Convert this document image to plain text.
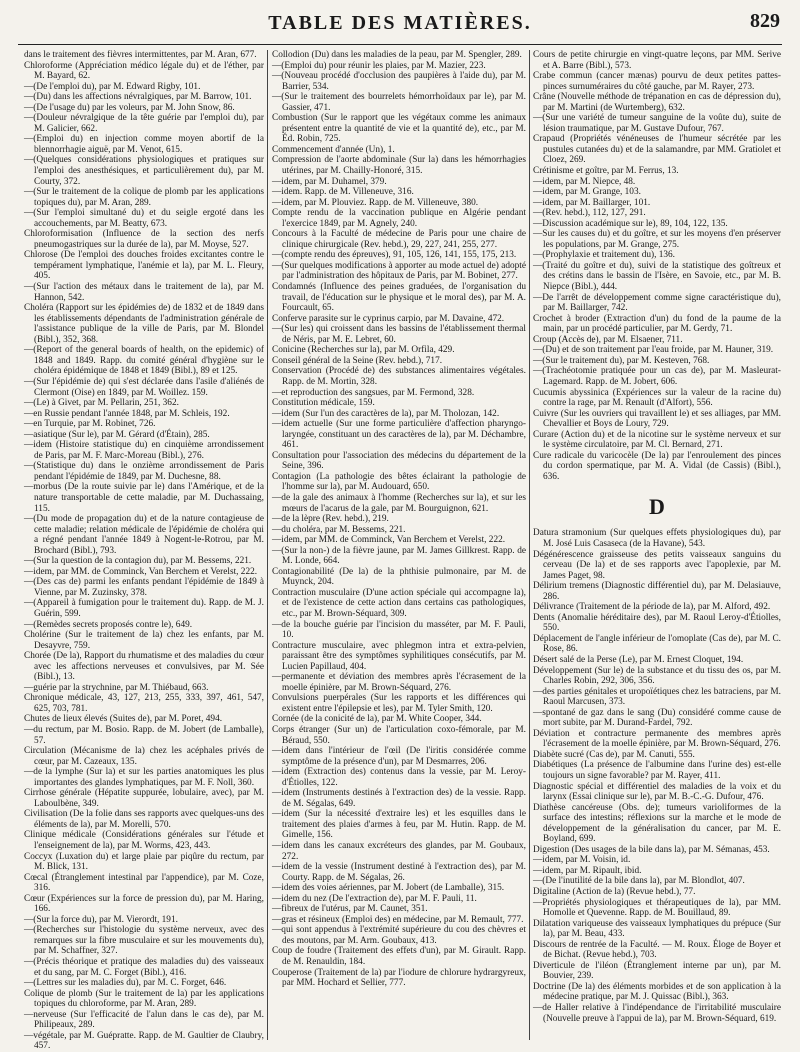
TABLE DES MATIÈRES.	829

dans le traitement des fièvres intermittentes, par M. Aran, 677.

Chloroforme (Appréciation médico légale du) et de l'éther, par M. Bayard, 62.

—(De l'emploi du), par M. Edward Rigby, 101.

—(Du) dans les affections névralgiques, par M. Barrow, 101.

—(De l'usage du) par les voleurs, par M. John Snow, 86.

—(Douleur névralgique de la tête guérie par l'emploi du), par M. Galicier, 662.

—(Emploi du) en injection comme moyen abortif de la blennorrhagie aiguë, par M. Venot, 615.

—(Quelques considérations physiologiques et pratiques sur l'emploi des anesthésiques, et particulièrement du), par M. Courty, 372.

—(Sur le traitement de la colique de plomb par les applications topiques du), par M. Aran, 289.

—(Sur l'emploi simultané du) et du seigle ergoté dans les accouchements, par M. Beatty, 673.

Chloroformisation (Influence de la section des nerfs pneumogastriques sur la durée de la), par M. Moyse, 527.

Chlorose (De l'emploi des douches froides excitantes contre le tempérament lymphatique, l'anémie et la), par M. L. Fleury, 405.

—(Sur l'action des métaux dans le traitement de la), par M. Hannon, 542.

Choléra (Rapport sur les épidémies de) de 1832 et de 1849 dans les établissements dépendants de l'administration générale de l'assistance publique de la ville de Paris, par M. Blondel (Bibl.), 352, 368.

—(Report of the general boards of health, on the epidemic) of 1848 and 1849. Rapp. du comité général d'hygiène sur le choléra épidémique de 1848 et 1849 (Bibl.), 89 et 125.

—(Sur l'épidémie de) qui s'est déclarée dans l'asile d'aliénés de Clermont (Oise) en 1849, par M. Woillez. 159.

—(Le) à Givet, par M. Pellarin, 251, 362.

—en Russie pendant l'année 1848, par M. Schleis, 192.

—en Turquie, par M. Robinet, 726.

—asiatique (Sur le), par M. Gérard (d'Étain), 285.

—idem (Histoire statistique du) en cinquième arrondissement de Paris, par M. F. Marc-Moreau (Bibl.), 276.

—(Statistique du) dans le onzième arrondissement de Paris pendant l'épidémie de 1849, par M. Duchesne, 88.

—morbus (De la route suivie par le) dans l'Amérique, et de la nature transportable de cette maladie, par M. Duchassaing, 115.

—(Du mode de propagation du) et de la nature contagieuse de cette maladie; relation médicale de l'épidémie de choléra qui a régné pendant l'année 1849 à Nogent-le-Rotrou, par M. Brochard (Bibl.), 793.

—(Sur la question de la contagion du), par M. Bessems, 221.

—idem, par MM. de Comminck, Van Berchem et Verelst, 222.

—(Des cas de) parmi les enfants pendant l'épidémie de 1849 à Vienne, par M. Zuzinsky, 378.

—(Appareil à fumigation pour le traitement du). Rapp. de M. J. Guérin, 599.

—(Remèdes secrets proposés contre le), 649.

Cholérine (Sur le traitement de la) chez les enfants, par M. Desayvre, 759.

Chorée (De la), Rapport du rhumatisme et des maladies du cœur avec les affections nerveuses et convulsives, par M. Sée (Bibl.), 13.

—guérie par la strychnine, par M. Thiébaud, 663.

Chronique médicale, 43, 127, 213, 255, 333, 397, 461, 547, 625, 703, 781.

Chutes de lieux élevés (Suites de), par M. Poret, 494.

—du rectum, par M. Bosio. Rapp. de M. Jobert (de Lamballe), 57.

Circulation (Mécanisme de la) chez les acéphales privés de cœur, par M. Cazeaux, 135.

—de la lymphe (Sur la) et sur les parties anatomiques les plus importantes des glandes lymphatiques, par M. F. Noll, 360.

Cirrhose générale (Hépatite suppurée, lobulaire, avec), par M. Laboulbène, 349.

Civilisation (De la folie dans ses rapports avec quelques-uns des éléments de la), par M. Morelli, 570.

Clinique médicale (Considérations générales sur l'étude et l'enseignement de la), par M. Worms, 423, 443.

Coccyx (Luxation du) et large plaie par piqûre du rectum, par M. Blick, 131.

Cœcal (Étranglement intestinal par l'appendice), par M. Coze, 316.

Cœur (Expériences sur la force de pression du), par M. Haring, 166.

—(Sur la force du), par M. Vierordt, 191.

—(Recherches sur l'histologie du système nerveux, avec des remarques sur la fibre musculaire et sur les mouvements du), par M. Schaffner, 327.

—(Précis théorique et pratique des maladies du) des vaisseaux et du sang, par M. C. Forget (Bibl.), 416.

—(Lettres sur les maladies du), par M. C. Forget, 646.

Colique de plomb (Sur le traitement de la) par les applications topiques du chloroforme, par M. Aran, 289.

—nerveuse (Sur l'efficacité de l'alun dans le cas de), par M. Philipeaux, 289.

—végétale, par M. Guépratte. Rapp. de M. Gaultier de Claubry, 457.

Collodion (Du) dans les maladies de la peau, par M. Spengler, 289.

—(Emploi du) pour réunir les plaies, par M. Mazier, 223.

—(Nouveau procédé d'occlusion des paupières à l'aide du), par M. Barrier, 534.

—(Sur le traitement des bourrelets hémorrhoïdaux par le), par M. Gassier, 471.

Combustion (Sur le rapport que les végétaux comme les animaux présentent entre la quantité de vie et la quantité de), etc., par M. Éd. Robin, 725.

Commencement d'année (Un), 1.

Compression de l'aorte abdominale (Sur la) dans les hémorrhagies utérines, par M. Chailly-Honoré, 315.

—idem, par M. Duhamel, 379.

—idem. Rapp. de M. Villeneuve, 316.

—idem, par M. Plouviez. Rapp. de M. Villeneuve, 380.

Compte rendu de la vaccination publique en Algérie pendant l'exercice 1849, par M. Agnely, 240.

Concours à la Faculté de médecine de Paris pour une chaire de clinique chirurgicale (Rev. hebd.), 29, 227, 241, 255, 277.

—(compte rendu des épreuves), 91, 105, 126, 141, 155, 175, 213.

—(Sur quelques modifications à apporter au mode actuel de) adopté par l'administration des hôpitaux de Paris, par M. Bobinet, 277.

Condamnés (Influence des peines graduées, de l'organisation du travail, de l'éducation sur le physique et le moral des), par M. A. Fourcault, 65.

Conferve parasite sur le cyprinus carpio, par M. Davaine, 472.

—(Sur les) qui croissent dans les bassins de l'établissement thermal de Néris, par M. E. Lebret, 60.

Conicine (Recherches sur la), par M. Orfila, 429.

Conseil général de la Seine (Rev. hebd.), 717.

Conservation (Procédé de) des substances alimentaires végétales. Rapp. de M. Mortin, 328.

—et reproduction des sangsues, par M. Fermond, 328.

Constitution médicale, 159.

—idem (Sur l'un des caractères de la), par M. Tholozan, 142.

—idem actuelle (Sur une forme particulière d'affection pharyngo-laryngée, constituant un des caractères de la), par M. Déchambre, 461.

Consultation pour l'association des médecins du département de la Seine, 396.

Contagion (La pathologie des bêtes éclairant la pathologie de l'homme sur la), par M. Audouard, 650.

—de la gale des animaux à l'homme (Recherches sur la), et sur les mœurs de l'acarus de la gale, par M. Bourguignon, 621.

—de la lèpre (Rev. hebd.), 219.

—du choléra, par M. Bessems, 221.

—idem, par MM. de Comminck, Van Berchem et Verelst, 222.

—(Sur la non-) de la fièvre jaune, par M. James Gillkrest. Rapp. de M. Londe, 664.

Contagionabilité (De la) de la phthisie pulmonaire, par M. de Muynck, 204.

Contraction musculaire (D'une action spéciale qui accompagne la), et de l'existence de cette action dans certains cas pathologiques, etc., par M. Brown-Séquard, 309.

—de la bouche guérie par l'incision du masséter, par M. F. Pauli, 10.

Contracture musculaire, avec phlegmon intra et extra-pelvien, paraissant être des symptômes syphilitiques consécutifs, par M. Lucien Papillaud, 404.

—permanente et déviation des membres après l'écrasement de la moelle épinière, par M. Brown-Séquard, 276.

Convulsions puerpérales (Sur les rapports et les différences qui existent entre l'épilepsie et les), par M. Tyler Smith, 120.

Cornée (de la conicité de la), par M. White Cooper, 344.

Corps étranger (Sur un) de l'articulation coxo-fémorale, par M. Béraud, 550.

—idem dans l'intérieur de l'œil (De l'iritis considérée comme symptôme de la présence d'un), par M Desmarres, 206.

—idem (Extraction des) contenus dans la vessie, par M. Leroy-d'Étiolles, 122.

—idem (Instruments destinés à l'extraction des) de la vessie. Rapp. de M. Ségalas, 649.

—idem (Sur la nécessité d'extraire les) et les esquilles dans le traitement des plaies d'armes à feu, par M. Hutin. Rapp. de M. Gimelle, 156.

—idem dans les canaux excréteurs des glandes, par M. Goubaux, 272.

—idem de la vessie (Instrument destiné à l'extraction des), par M. Courty. Rapp. de M. Ségalas, 26.

—idem des voies aériennes, par M. Jobert (de Lamballe), 315.

—idem du nez (De l'extraction de), par M. F. Pauli, 11.

—fibreux de l'utérus, par M. Caunet, 351.

—gras et résineux (Emploi des) en médecine, par M. Remault, 777.

—qui sont appendus à l'extrémité supérieure du cou des chèvres et des moutons, par M. Arm. Goubaux, 413.

Coup de foudre (Traitement des effets d'un), par M. Girault. Rapp. de M. Renauldin, 184.

Couperose (Traitement de la) par l'iodure de chlorure hydrargyreux, par MM. Hochard et Sellier, 777.

Cours de petite chirurgie en vingt-quatre leçons, par MM. Serive et A. Barre (Bibl.), 573.

Crabe commun (cancer mænas) pourvu de deux petites pattes-pinces surnuméraires du côté gauche, par M. Rayer, 273.

Crâne (Nouvelle méthode de trépanation en cas de dépression du), par M. Martini (de Wurtemberg), 632.

—(Sur une variété de tumeur sanguine de la voûte du), suite de lésion traumatique, par M. Gustave Dufour, 767.

Crapaud (Propriétés vénéneuses de l'humeur sécrétée par les pustules cutanées du) et de la salamandre, par MM. Gratiolet et Cloez, 269.

Crétinisme et goître, par M. Ferrus, 13.

—idem, par M. Niepce, 48.

—idem, par M. Grange, 103.

—idem, par M. Baillarger, 101.

—(Rev. hebd.), 112, 127, 291.

—Discussion académique sur le), 89, 104, 122, 135.

—Sur les causes du) et du goître, et sur les moyens d'en préserver les populations, par M. Grange, 275.

—(Prophylaxie et traitement du), 136.

—(Traité du goître et du), suivi de la statistique des goîtreux et des crétins dans le bassin de l'Isère, en Savoie, etc., par M. B. Niepce (Bibl.), 444.

—De l'arrêt de développement comme signe caractéristique du), par M. Baillarger, 742.

Crochet à broder (Extraction d'un) du fond de la paume de la main, par un procédé particulier, par M. Gerdy, 71.

Croup (Accès de), par M. Elsaener, 711.

—(Du) et de son traitement par l'eau froide, par M. Hauner, 319.

—(Sur le traitement du), par M. Kesteven, 768.

—(Trachéotomie pratiquée pour un cas de), par M. Masleurat-Lagemard. Rapp. de M. Jobert, 606.

Cucumis abyssinica (Expériences sur la valeur de la racine du) contre la rage, par M. Renault (d'Alfort), 556.

Cuivre (Sur les ouvriers qui travaillent le) et ses alliages, par MM. Chevallier et Boys de Loury, 729.

Curare (Action du) et de la nicotine sur le système nerveux et sur le système circulatoire, par M. Cl. Bernard, 271.

Cure radicale du varicocèle (De la) par l'enroulement des pinces du cordon spermatique, par M. A. Vidal (de Cassis) (Bibl.), 636.

D

Datura stramonium (Sur quelques effets physiologiques du), par M. José Luis Casaseca (de la Havane), 543.

Dégénérescence graisseuse des petits vaisseaux sanguins du cerveau (De la) et de ses rapports avec l'apoplexie, par M. James Paget, 98.

Délirium tremens (Diagnostic différentiel du), par M. Delasiauve, 286.

Délivrance (Traitement de la période de la), par M. Alford, 492.

Dents (Anomalie héréditaire des), par M. Raoul Leroy-d'Étiolles, 550.

Déplacement de l'angle inférieur de l'omoplate (Cas de), par M. C. Rose, 86.

Désert salé de la Perse (Le), par M. Ernest Cloquet, 194.

Développement (Sur le) de la substance et du tissu des os, par M. Charles Robin, 292, 306, 356.

—des parties génitales et uropoïétiques chez les batraciens, par M. Raoul Marcusen, 373.

—spontané de gaz dans le sang (Du) considéré comme cause de mort subite, par M. Durand-Fardel, 792.

Déviation et contracture permanente des membres après l'écrasement de la moelle épinière, par M. Brown-Séquard, 276.

Diabète sucré (Cas de), par M. Canuti, 555.

Diabétiques (La présence de l'albumine dans l'urine des) est-elle toujours un signe favorable? par M. Rayer, 411.

Diagnostic spécial et différentiel des maladies de la voix et du larynx (Essai clinique sur le), par M. B.-C.-G. Dufour, 476.

Diathèse cancéreuse (Obs. de); tumeurs varioliformes de la surface des intestins; réflexions sur la marche et le mode de développement de la généralisation du cancer, par M. E. Boyland, 699.

Digestion (Des usages de la bile dans la), par M. Sémanas, 453.

—idem, par M. Voisin, id.

—idem, par M. Ripault, ibid.

—(De l'inutilité de la bile dans la), par M. Blondlot, 407.

Digitaline (Action de la) (Revue hebd.), 77.

—Propriétés physiologiques et thérapeutiques de la), par MM. Homolle et Quevenne. Rapp. de M. Bouillaud, 89.

Dilatation variqueuse des vaisseaux lymphatiques du prépuce (Sur la), par M. Beau, 433.

Discours de rentrée de la Faculté. — M. Roux. Éloge de Boyer et de Bichat. (Revue hebd.), 703.

Diverticule de l'iléon (Étranglement interne par un), par M. Bouvier, 239.

Doctrine (De la) des éléments morbides et de son application à la médecine pratique, par M. J. Quissac (Bibl.), 363.

—de Haller relative à l'indépendance de l'irritabilité musculaire (Nouvelle preuve à l'appui de la), par M. Brown-Séquard, 619.
